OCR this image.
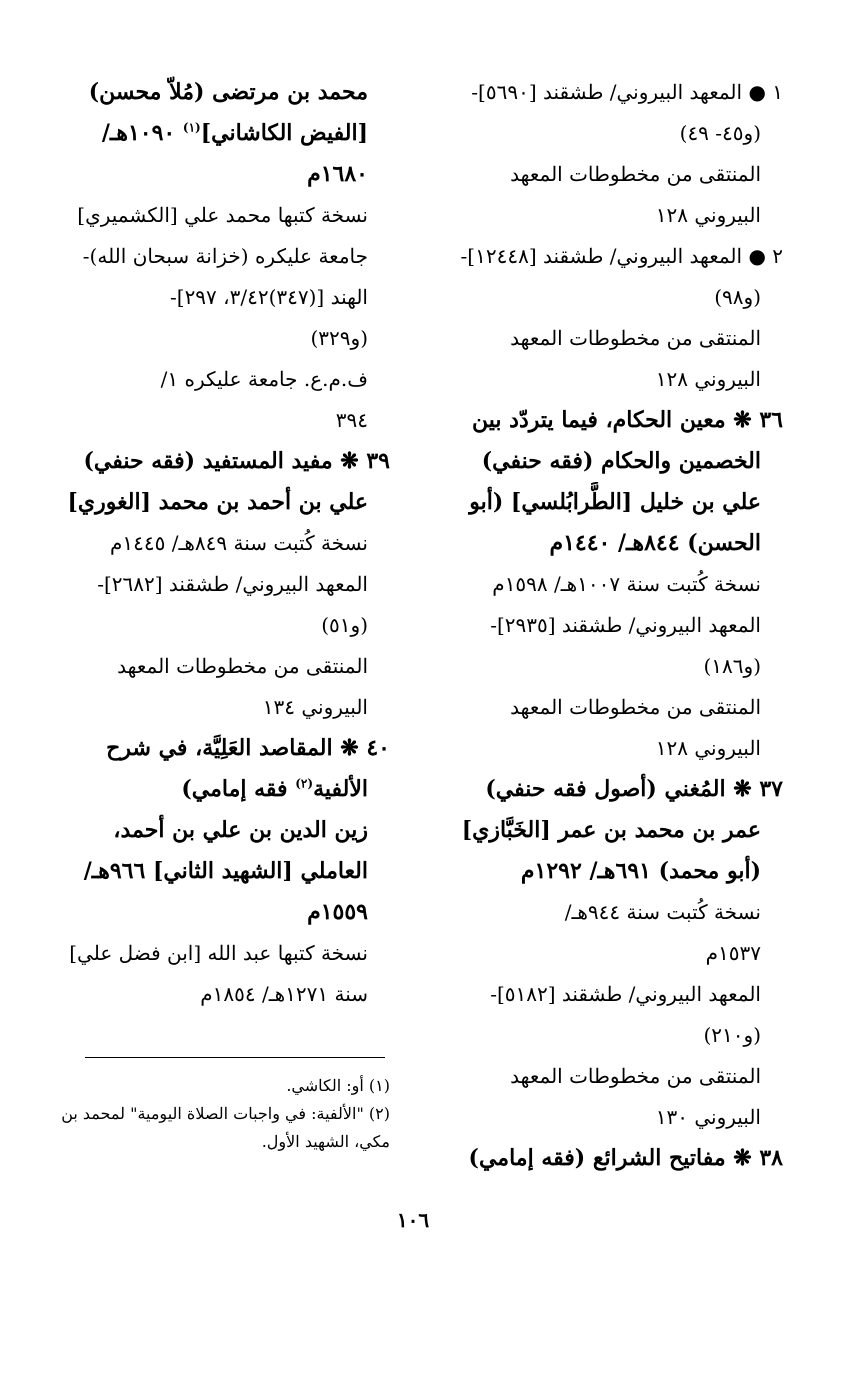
١ ● المعهد البيروني/ طشقند [٥٦٩٠]-
(و٤٥- ٤٩)
المنتقى من مخطوطات المعهد
البيروني ١٢٨
٢ ● المعهد البيروني/ طشقند [١٢٤٤٨]-
(و٩٨)
المنتقى من مخطوطات المعهد
البيروني ١٢٨
٣٦ ❋ معين الحكام، فيما يتردّد بين
الخصمين والحكام (فقه حنفي)
علي بن خليل [الطَّرابُلسي] (أبو
الحسن) ٨٤٤هـ/ ١٤٤٠م
نسخة كُتبت سنة ١٠٠٧هـ/ ١٥٩٨م
المعهد البيروني/ طشقند [٢٩٣٥]-
(و١٨٦)
المنتقى من مخطوطات المعهد
البيروني ١٢٨
٣٧ ❋ المُغني (أصول فقه حنفي)
عمر بن محمد بن عمر [الخَبَّازي]
(أبو محمد) ٦٩١هـ/ ١٢٩٢م
نسخة كُتبت سنة ٩٤٤هـ/
١٥٣٧م
المعهد البيروني/ طشقند [٥١٨٢]-
(و٢١٠)
المنتقى من مخطوطات المعهد
البيروني ١٣٠
٣٨ ❋ مفاتيح الشرائع (فقه إمامي)
محمد بن مرتضى (مُلاّ محسن)
[الفيض الكاشاني]$^{(١)}$ ١٠٩٠هـ/
١٦٨٠م
نسخة كتبها محمد علي [الكشميري]
جامعة عليكره (خزانة سبحان الله)-
الهند [(٣٤٧)٣/٤٢، ٢٩٧]-
(و٣٢٩)
ف.م.ع. جامعة عليكره ١/
٣٩٤
٣٩ ❋ مفيد المستفيد (فقه حنفي)
علي بن أحمد بن محمد [الغوري]
نسخة كُتبت سنة ٨٤٩هـ/ ١٤٤٥م
المعهد البيروني/ طشقند [٢٦٨٢]-
(و٥١)
المنتقى من مخطوطات المعهد
البيروني ١٣٤
٤٠ ❋ المقاصد العَلِيَّة، في شرح
الألفية$^{(٢)}$ فقه إمامي)
زين الدين بن علي بن أحمد،
العاملي [الشهيد الثاني] ٩٦٦هـ/
١٥٥٩م
نسخة كتبها عبد الله [ابن فضل علي]
سنة ١٢٧١هـ/ ١٨٥٤م
(١) أو: الكاشي.
(٢) "الألفية: في واجبات الصلاة اليومية" لمحمد بن
مكي، الشهيد الأول.
١٠٦
